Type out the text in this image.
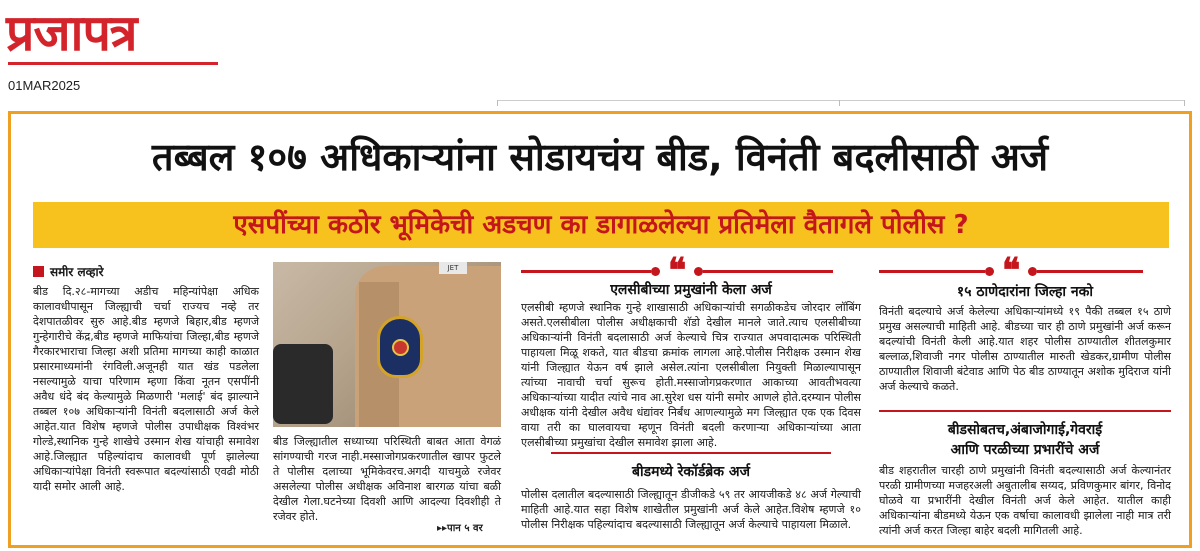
प्रजापत्र
01MAR2025
तब्बल १०७ अधिकाऱ्यांना सोडायचंय बीड, विनंती बदलीसाठी अर्ज
एसपींच्या कठोर भूमिकेची अडचण का डागाळलेल्या प्रतिमेला वैतागले पोलीस ?
समीर लव्हारे
बीड दि.२८-मागच्या अडीच महिन्यांपेक्षा अधिक कालावधीपासून जिल्ह्याची चर्चा राज्यच नव्हे तर देशपातळीवर सुरु आहे.बीड म्हणजे बिहार,बीड म्हणजे गुन्हेगारीचे केंद्र,बीड म्हणजे माफियांचा जिल्हा,बीड म्हणजे गैरकारभाराचा जिल्हा अशी प्रतिमा मागच्या काही काळात प्रसारमाध्यमांनी रंगविली.अजूनही यात खंड पडलेला नसल्यामुळे याचा परिणाम म्हणा किंवा नूतन एसपींनी अवैध धंदे बंद केल्यामुळे मिळणारी 'मलाई' बंद झाल्याने तब्बल १०७ अधिकाऱ्यांनी विनंती बदलासाठी अर्ज केले आहेत.यात विशेष म्हणजे पोलीस उपाधीक्षक विश्वंभर गोल्डे,स्थानिक गुन्हे शाखेचे उस्मान शेख यांचाही समावेश आहे.जिल्ह्यात पहिल्यांदाच कालावधी पूर्ण झालेल्या अधिकाऱ्यांपेक्षा विनंती स्वरूपात बदल्यांसाठी एवढी मोठी यादी समोर आली आहे.
JET
बीड जिल्ह्यातील सध्याच्या परिस्थिती बाबत आता वेगळं सांगण्याची गरज नाही.मस्साजोगप्रकरणातील खापर फुटले ते पोलीस दलाच्या भूमिकेवरच.अगदी याचमुळे रजेवर असलेल्या पोलीस अधीक्षक अविनाश बारगळ यांचा बळी देखील गेला.घटनेच्या दिवशी आणि आदल्या दिवशीही ते रजेवर होते.
▸▸पान ५ वर
❝
एलसीबीच्या प्रमुखांनी केला अर्ज
एलसीबी म्हणजे स्थानिक गुन्हे शाखासाठी अधिकाऱ्यांची सगळीकडेच जोरदार लॉबिंग असते.एलसीबीला पोलीस अधीक्षकाची शॅडो देखील मानले जाते.त्याच एलसीबीच्या अधिकाऱ्यांनी विनंती बदलासाठी अर्ज केल्याचे चित्र राज्यात अपवादात्मक परिस्थिती पाहायला मिळू शकते, यात बीडचा क्रमांक लागला आहे.पोलीस निरीक्षक उस्मान शेख यांनी जिल्ह्यात येऊन वर्ष झाले असेल.त्यांना एलसीबीला नियुक्ती मिळाल्यापासून त्यांच्या नावाची चर्चा सुरूच होती.मस्साजोगप्रकरणात आकाच्या आवतीभवत्या अधिकाऱ्यांच्या यादीत त्यांचे नाव आ.सुरेश धस यांनी समोर आणले होते.दरम्यान पोलीस अधीक्षक यांनी देखील अवैध धंद्यांवर निर्बंध आणल्यामुळे मग जिल्ह्यात एक एक दिवस वाया तरी का घालवायचा म्हणून विनंती बदली करणाऱ्या अधिकाऱ्यांच्या आता एलसीबीच्या प्रमुखांचा देखील समावेश झाला आहे.
बीडमध्ये रेकॉर्डब्रेक अर्ज
पोलीस दलातील बदल्यासाठी जिल्ह्यातून डीजीकडे ५९ तर आयजीकडे ४८ अर्ज गेल्याची माहिती आहे.यात सहा विशेष शाखेतील प्रमुखांनी अर्ज केले आहेत.विशेष म्हणजे १० पोलीस निरीक्षक पहिल्यांदाच बदल्यासाठी जिल्ह्यातून अर्ज केल्याचे पाहायला मिळाले.
❝
१५ ठाणेदारांना जिल्हा नको
विनंती बदल्याचे अर्ज केलेल्या अधिकाऱ्यांमध्ये १९ पैकी तब्बल १५ ठाणे प्रमुख असल्याची माहिती आहे. बीडच्या चार ही ठाणे प्रमुखांनी अर्ज करून बदल्यांची विनंती केली आहे.यात शहर पोलीस ठाण्यातील शीतलकुमार बल्लाळ,शिवाजी नगर पोलीस ठाण्यातील मारुती खेडकर,ग्रामीण पोलीस ठाण्यातील शिवाजी बंटेवाड आणि पेठ बीड ठाण्यातून अशोक मुदिराज यांनी अर्ज केल्याचे कळते.
बीडसोबतच,अंबाजोगाई,गेवराई
आणि परळीच्या प्रभारींचे अर्ज
बीड शहरातील चारही ठाणे प्रमुखांनी विनंती बदल्यासाठी अर्ज केल्यानंतर परळी ग्रामीणच्या मजहरअली अबुतालीब सय्यद, प्रविणकुमार बांगर, विनोद घोळवे या प्रभारींनी देखील विनंती अर्ज केले आहेत. यातील काही अधिकाऱ्यांना बीडमध्ये येऊन एक वर्षाचा कालावधी झालेला नाही मात्र तरी त्यांनी अर्ज करत जिल्हा बाहेर बदली मागितली आहे.
